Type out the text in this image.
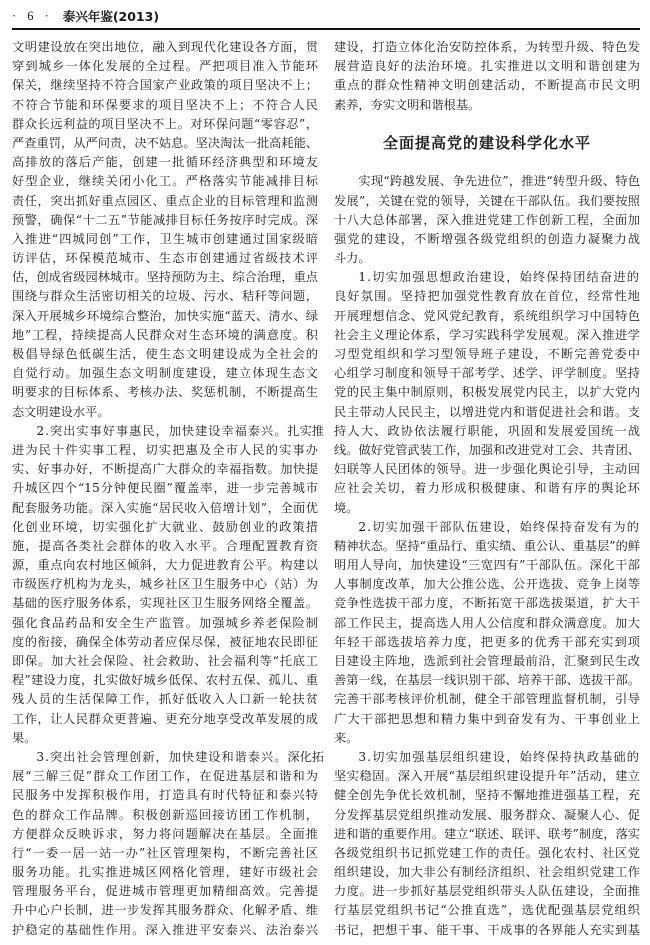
· 6 · 泰兴年鉴(2013)
文明建设放在突出地位，融入到现代化建设各方面，贯
穿到城乡一体化发展的全过程。严把项目准入节能环
保关，继续坚持不符合国家产业政策的项目坚决不上；
不符合节能和环保要求的项目坚决不上；不符合人民
群众长远利益的项目坚决不上。对环保问题“零容忍”，
严查重罚，从严问责，决不姑息。坚决淘汰一批高耗能、
高排放的落后产能，创建一批循环经济典型和环境友
好型企业，继续关闭小化工。严格落实节能减排目标
责任，突出抓好重点园区、重点企业的目标管理和监测
预警，确保“十二五”节能减排目标任务按序时完成。深
入推进“四城同创”工作，卫生城市创建通过国家级暗
访评估，环保模范城市、生态市创建通过省级技术评
估，创成省级园林城市。坚持预防为主、综合治理，重点
围绕与群众生活密切相关的垃圾、污水、秸秆等问题，
深入开展城乡环境综合整治，加快实施“蓝天、清水、绿
地”工程，持续提高人民群众对生态环境的满意度。积
极倡导绿色低碳生活，使生态文明建设成为全社会的
自觉行动。加强生态文明制度建设，建立体现生态文
明要求的目标体系、考核办法、奖惩机制，不断提高生
态文明建设水平。
2.突出实事好事惠民，加快建设幸福泰兴。扎实推
进为民十件实事工程，切实把惠及全市人民的实事办
实、好事办好，不断提高广大群众的幸福指数。加快提
升城区四个“15分钟便民圈”覆盖率，进一步完善城市
配套服务功能。深入实施“居民收入倍增计划”，全面优
化创业环境，切实强化扩大就业、鼓励创业的政策措
施，提高各类社会群体的收入水平。合理配置教育资
源，重点向农村地区倾斜，大力促进教育公平。构建以
市级医疗机构为龙头，城乡社区卫生服务中心（站）为
基础的医疗服务体系，实现社区卫生服务网络全覆盖。
强化食品药品和安全生产监管。加强城乡养老保险制
度的衔接，确保全体劳动者应保尽保，被征地农民即征
即保。加大社会保险、社会救助、社会福利等“托底工
程”建设力度，扎实做好城乡低保、农村五保、孤儿、重
残人员的生活保障工作，抓好低收入人口新一轮扶贫
工作，让人民群众更普遍、更充分地享受改革发展的成
果。
3.突出社会管理创新，加快建设和谐泰兴。深化拓
展“三解三促”群众工作团工作，在促进基层和谐和为
民服务中发挥积极作用，打造具有时代特征和泰兴特
色的群众工作品牌。积极创新巡回接访团工作机制，
方便群众反映诉求，努力将问题解决在基层。全面推
行“一委一居一站一办”社区管理架构，不断完善社区
服务功能。扎实推进城区网格化管理，建好市级社会
管理服务平台，促进城市管理更加精细高效。完善提
升中心户长制，进一步发挥其服务群众、化解矛盾、维
护稳定的基础性作用。深入推进平安泰兴、法治泰兴
建设，打造立体化治安防控体系，为转型升级、特色发
展营造良好的法治环境。扎实推进以文明和谐创建为
重点的群众性精神文明创建活动，不断提高市民文明
素养，夯实文明和谐根基。
全面提高党的建设科学化水平
实现“跨越发展、争先进位”，推进“转型升级、特色
发展”，关键在党的领导，关键在干部队伍。我们要按照
十八大总体部署，深入推进党建工作创新工程，全面加
强党的建设，不断增强各级党组织的创造力凝聚力战
斗力。
1.切实加强思想政治建设，始终保持团结奋进的
良好氛围。坚持把加强党性教育放在首位，经常性地
开展理想信念、党风党纪教育，系统组织学习中国特色
社会主义理论体系，学习实践科学发展观。深入推进学
习型党组织和学习型领导班子建设，不断完善党委中
心组学习制度和领导干部考学、述学、评学制度。坚持
党的民主集中制原则，积极发展党内民主，以扩大党内
民主带动人民民主，以增进党内和谐促进社会和谐。支
持人大、政协依法履行职能，巩固和发展爱国统一战
线。做好党管武装工作，加强和改进党对工会、共青团、
妇联等人民团体的领导。进一步强化舆论引导，主动回
应社会关切，着力形成积极健康、和谐有序的舆论环
境。
2.切实加强干部队伍建设，始终保持奋发有为的
精神状态。坚持“重品行、重实绩、重公认、重基层”的鲜
明用人导向，加快建设“三宽四有”干部队伍。深化干部
人事制度改革，加大公推公选、公开选拔、竞争上岗等
竞争性选拔干部力度，不断拓宽干部选拔渠道，扩大干
部工作民主，提高选人用人公信度和群众满意度。加大
年轻干部选拔培养力度，把更多的优秀干部充实到项
目建设主阵地，选派到社会管理最前沿，汇聚到民生改
善第一线，在基层一线识别干部、培养干部、选拔干部。
完善干部考核评价机制，健全干部管理监督机制，引导
广大干部把思想和精力集中到奋发有为、干事创业上
来。
3.切实加强基层组织建设，始终保持执政基础的
坚实稳固。深入开展“基层组织建设提升年”活动，建立
健全创先争优长效机制，坚持不懈地推进强基工程，充
分发挥基层党组织推动发展、服务群众、凝聚人心、促
进和谐的重要作用。建立“联述、联评、联考”制度，落实
各级党组织书记抓党建工作的责任。强化农村、社区党
组织建设，加大非公有制经济组织、社会组织党建工作
力度。进一步抓好基层党组织带头人队伍建设，全面推
行基层党组织书记“公推直选”，选优配强基层党组织
书记，把想干事、能干事、干成事的各界能人充实到基
